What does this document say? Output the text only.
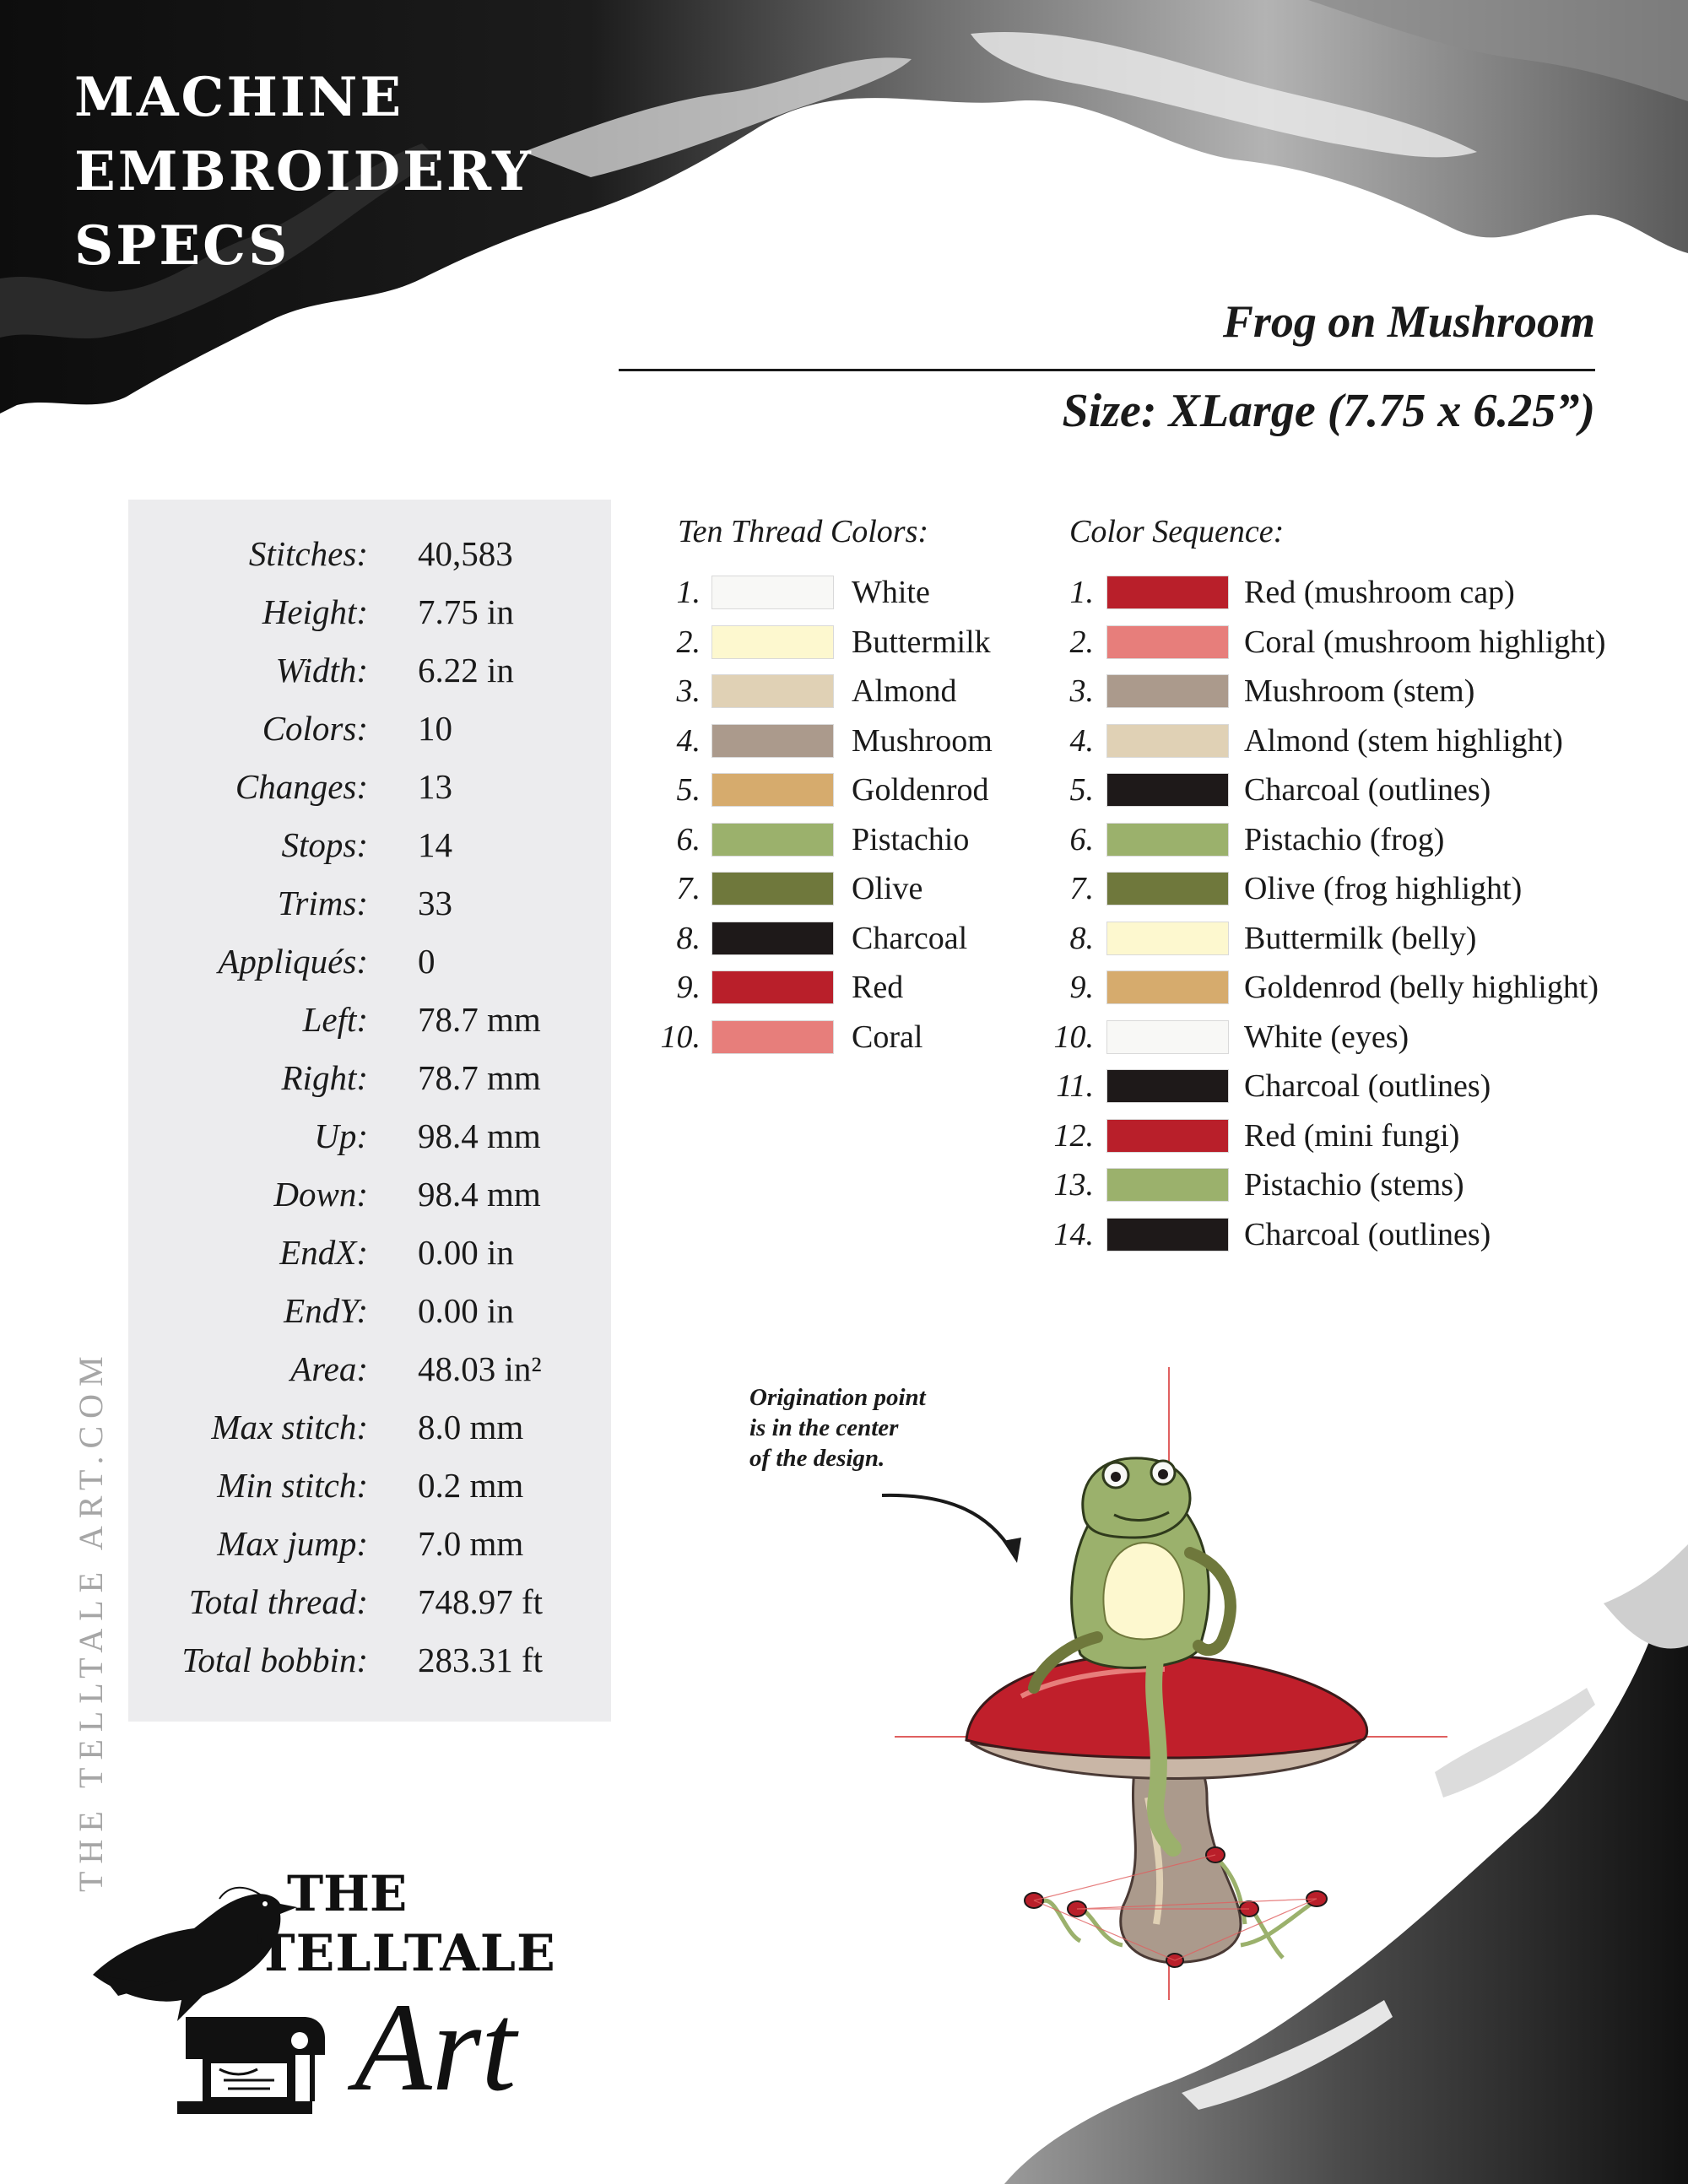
MACHINE
EMBROIDERY
SPECS
Frog on Mushroom
Size: XLarge (7.75 x 6.25”)
Stitches: 40,583
Height: 7.75 in
Width: 6.22 in
Colors: 10
Changes: 13
Stops: 14
Trims: 33
Appliqués: 0
Left: 78.7 mm
Right: 78.7 mm
Up: 98.4 mm
Down: 98.4 mm
EndX: 0.00 in
EndY: 0.00 in
Area: 48.03 in²
Max stitch: 8.0 mm
Min stitch: 0.2 mm
Max jump: 7.0 mm
Total thread: 748.97 ft
Total bobbin: 283.31 ft
Ten Thread Colors:
1.	White
2.	Buttermilk
3.	Almond
4.	Mushroom
5.	Goldenrod
6.	Pistachio
7.	Olive
8.	Charcoal
9.	Red
10.	Coral
Color Sequence:
1.	Red (mushroom cap)
2.	Coral (mushroom highlight)
3.	Mushroom (stem)
4.	Almond (stem highlight)
5.	Charcoal (outlines)
6.	Pistachio (frog)
7.	Olive (frog highlight)
8.	Buttermilk (belly)
9.	Goldenrod (belly highlight)
10.	White (eyes)
11.	Charcoal (outlines)
12.	Red (mini fungi)
13.	Pistachio (stems)
14.	Charcoal (outlines)
THE TELLTALE ART.COM	Origination point
is in the center
of the design.
THE
TELLTALE
Art
